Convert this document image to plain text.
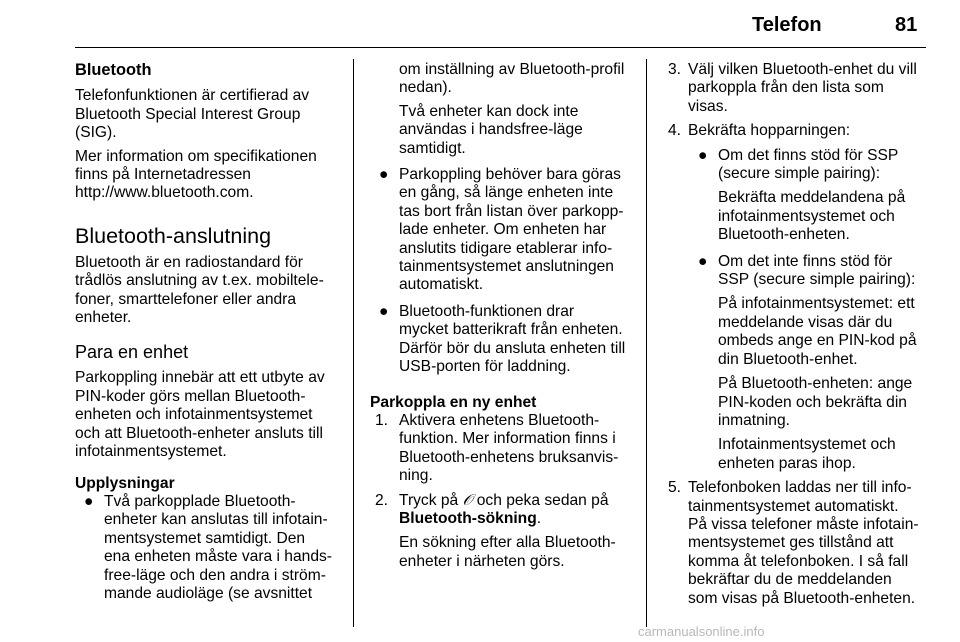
Telefon	81
Bluetooth

Telefonfunktionen är certifierad av
Bluetooth Special Interest Group
(SIG).

Mer information om specifikationen
finns på Internetadressen
http://www.bluetooth.com.

Bluetooth-anslutning

Bluetooth är en radiostandard för
trådlös anslutning av t.ex. mobiltele-
foner, smarttelefoner eller andra
enheter.

Para en enhet

Parkoppling innebär att ett utbyte av
PIN-koder görs mellan Bluetooth-
enheten och infotainmentsystemet
och att Bluetooth-enheter ansluts till
infotainmentsystemet.

Upplysningar
● Två parkopplade Bluetooth-
enheter kan anslutas till infotain-
mentsystemet samtidigt. Den
ena enheten måste vara i hands-
free-läge och den andra i ström-
mande audioläge (se avsnittet
om inställning av Bluetooth-profil
nedan).
Två enheter kan dock inte
användas i handsfree-läge
samtidigt.
● Parkoppling behöver bara göras
en gång, så länge enheten inte
tas bort från listan över parkopp-
lade enheter. Om enheten har
anslutits tidigare etablerar info-
tainmentsystemet anslutningen
automatiskt.
● Bluetooth-funktionen drar
mycket batterikraft från enheten.
Därför bör du ansluta enheten till
USB-porten för laddning.
Parkoppla en ny enhet
1. Aktivera enhetens Bluetooth-
funktion. Mer information finns i
Bluetooth-enhetens bruksanvis-
ning.
2. Tryck på 𝒪 och peka sedan på
Bluetooth-sökning.
En sökning efter alla Bluetooth-
enheter i närheten görs.
3. Välj vilken Bluetooth-enhet du vill
parkoppla från den lista som
visas.
4. Bekräfta hopparningen:
● Om det finns stöd för SSP
(secure simple pairing):
Bekräfta meddelandena på
infotainmentsystemet och
Bluetooth-enheten.
● Om det inte finns stöd för
SSP (secure simple pairing):
På infotainmentsystemet: ett
meddelande visas där du
ombeds ange en PIN-kod på
din Bluetooth-enhet.
På Bluetooth-enheten: ange
PIN-koden och bekräfta din
inmatning.
Infotainmentsystemet och
enheten paras ihop.
5. Telefonboken laddas ner till info-
tainmentsystemet automatiskt.
På vissa telefoner måste infotain-
mentsystemet ges tillstånd att
komma åt telefonboken. I så fall
bekräftar du de meddelanden
som visas på Bluetooth-enheten.
carmanualsonline.info
